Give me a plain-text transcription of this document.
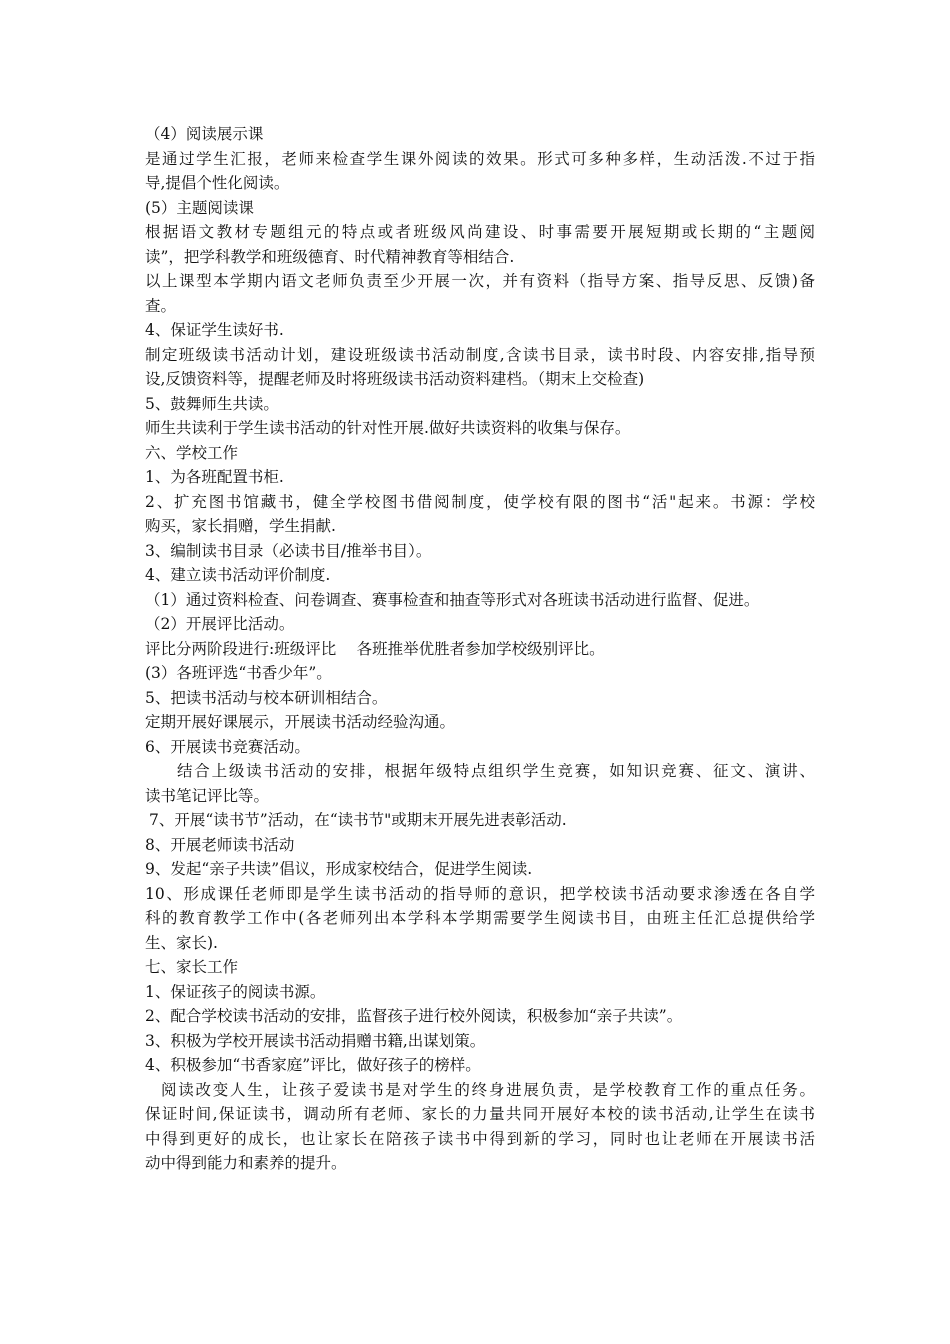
（4）阅读展示课
是通过学生汇报，老师来检查学生课外阅读的效果。形式可多种多样，生动活泼.不过于指
导,提倡个性化阅读。
(5）主题阅读课
根据语文教材专题组元的特点或者班级风尚建设、时事需要开展短期或长期的“主题阅
读”，把学科教学和班级德育、时代精神教育等相结合.
以上课型本学期内语文老师负责至少开展一次，并有资料（指导方案、指导反思、反馈)备
查。
4、保证学生读好书.
制定班级读书活动计划，建设班级读书活动制度,含读书目录，读书时段、内容安排,指导预
设,反馈资料等，提醒老师及时将班级读书活动资料建档。（期末上交检查)
5、鼓舞师生共读。
师生共读利于学生读书活动的针对性开展.做好共读资料的收集与保存。
六、学校工作
1、为各班配置书柜.
2、扩充图书馆藏书，健全学校图书借阅制度，使学校有限的图书“活"起来。书源：学校
购买，家长捐赠，学生捐献.
3、编制读书目录（必读书目/推举书目）。
4、建立读书活动评价制度.
（1）通过资料检查、问卷调查、赛事检查和抽查等形式对各班读书活动进行监督、促进。
（2）开展评比活动。
评比分两阶段进行:班级评比　 各班推举优胜者参加学校级别评比。
(3）各班评选“书香少年”。
5、把读书活动与校本研训相结合。
定期开展好课展示，开展读书活动经验沟通。
6、开展读书竞赛活动。
结合上级读书活动的安排，根据年级特点组织学生竞赛，如知识竞赛、征文、演讲、
读书笔记评比等。
7、开展“读书节”活动，在“读书节"或期末开展先进表彰活动.
8、开展老师读书活动
9、发起“亲子共读”倡议，形成家校结合，促进学生阅读.
10、形成课任老师即是学生读书活动的指导师的意识，把学校读书活动要求渗透在各自学
科的教育教学工作中(各老师列出本学科本学期需要学生阅读书目，由班主任汇总提供给学
生、家长).
七、家长工作
1、保证孩子的阅读书源。
2、配合学校读书活动的安排，监督孩子进行校外阅读，积极参加“亲子共读”。
3、积极为学校开展读书活动捐赠书籍,出谋划策。
4、积极参加“书香家庭”评比，做好孩子的榜样。
阅读改变人生，让孩子爱读书是对学生的终身进展负责，是学校教育工作的重点任务。
保证时间,保证读书，调动所有老师、家长的力量共同开展好本校的读书活动,让学生在读书
中得到更好的成长，也让家长在陪孩子读书中得到新的学习，同时也让老师在开展读书活
动中得到能力和素养的提升。
